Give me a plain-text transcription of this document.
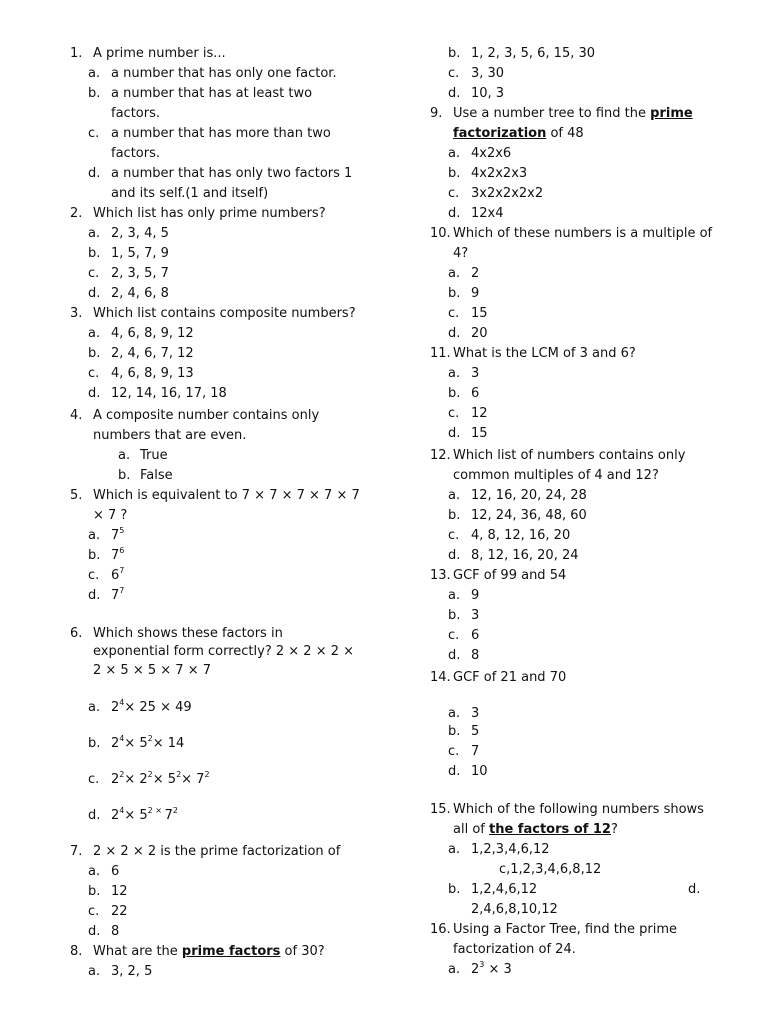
1. A prime number is...
a. a number that has only one factor.
b. a number that has at least two
factors.
c. a number that has more than two
factors.
d. a number that has only two factors 1
and its self.(1 and itself)
2. Which list has only prime numbers?
a. 2, 3, 4, 5
b. 1, 5, 7, 9
c. 2, 3, 5, 7
d. 2, 4, 6, 8
3. Which list contains composite numbers?
a. 4, 6, 8, 9, 12
b. 2, 4, 6, 7, 12
c. 4, 6, 8, 9, 13
d. 12, 14, 16, 17, 18
4. A composite number contains only
numbers that are even.
a. True
b. False
5. Which is equivalent to 7 × 7 × 7 × 7 × 7
× 7 ?
a. $7^5$
b. $7^6$
c. $6^7$
d. $7^7$
6. Which shows these factors in
exponential form correctly? 2 × 2 × 2 ×
2 × 5 × 5 × 7 × 7
a. $2^4\times 25 \times 49$
b. $2^4\times 5^2\times 14$
c. $2^2\times 2^2\times 5^2\times 7^2$
d. $2^4\times 5^{2 \times}$ $7^2$
7. 2 × 2 × 2 is the prime factorization of
a. 6
b. 12
c. 22
d. 8
8. What are the prime factors of 30?
a. 3, 2, 5
b. 1, 2, 3, 5, 6, 15, 30
c. 3, 30
d. 10, 3
9. Use a number tree to find the prime
factorization of 48
a. 4x2x6
b. 4x2x2x3
c. 3x2x2x2x2
d. 12x4
10. Which of these numbers is a multiple of
4?
a. 2
b. 9
c. 15
d. 20
11. What is the LCM of 3 and 6?
a. 3
b. 6
c. 12
d. 15
12. Which list of numbers contains only
common multiples of 4 and 12?
a. 12, 16, 20, 24, 28
b. 12, 24, 36, 48, 60
c. 4, 8, 12, 16, 20
d. 8, 12, 16, 20, 24
13. GCF of 99 and 54
a. 9
b. 3
c. 6
d. 8
14. GCF of 21 and 70
a. 3
b. 5
c. 7
d. 10
15. Which of the following numbers shows
all of the factors of 12?
a. 1,2,3,4,6,12
c,1,2,3,4,6,8,12
b. 1,2,4,6,12	d.
2,4,6,8,10,12
16. Using a Factor Tree, find the prime
factorization of 24.
a. $2^3 \times 3$
